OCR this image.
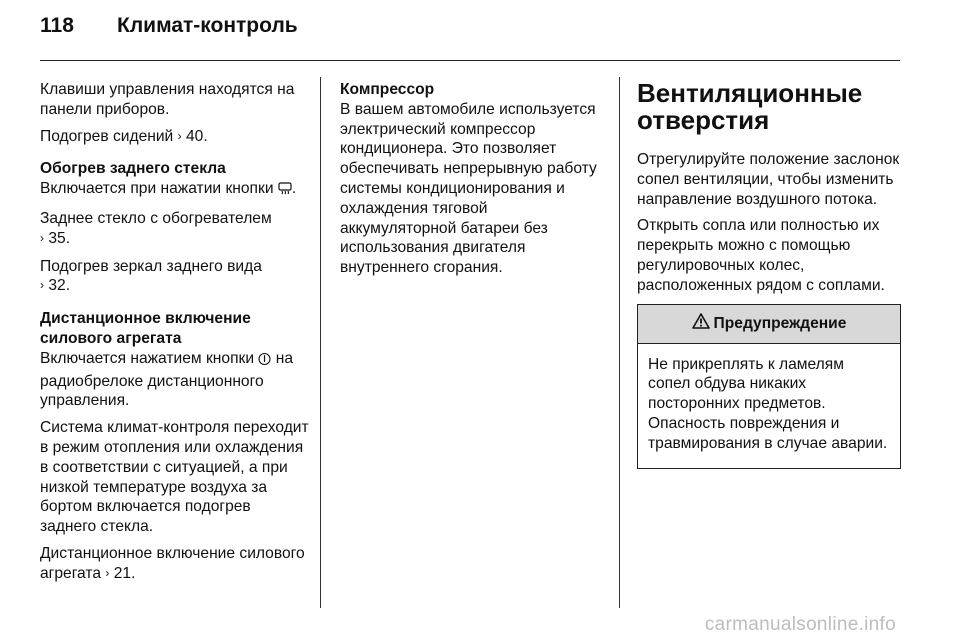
118 Климат-контроль

Клавиши управления находятся на панели приборов.

Подогрев сидений › 40.

Обогрев заднего стекла

Включается при нажатии кнопки .

Заднее стекло с обогревателем
› 35.

Подогрев зеркал заднего вида
› 32.

Дистанционное включение
силового агрегата

Включается нажатием кнопки на радиобрелоке дистанционного управления.

Система климат-контроля переходит в режим отопления или охлаждения в соответствии с ситуацией, а при низкой температуре воздуха за бортом включается подогрев заднего стекла.

Дистанционное включение силового агрегата › 21.

Компрессор

В вашем автомобиле используется электрический компрессор кондиционера. Это позволяет обеспечивать непрерывную работу системы кондиционирования и охлаждения тяговой аккумуляторной батареи без использования двигателя внутреннего сгорания.

Вентиляционные
отверстия

Отрегулируйте положение заслонок сопел вентиляции, чтобы изменить направление воздушного потока.

Открыть сопла или полностью их перекрыть можно с помощью регулировочных колес, расположенных рядом с соплами.

Предупреждение
Не прикреплять к ламелям сопел обдува никаких посторонних предметов. Опасность повреждения и травмирования в случае аварии.
carmanualsonline.info
